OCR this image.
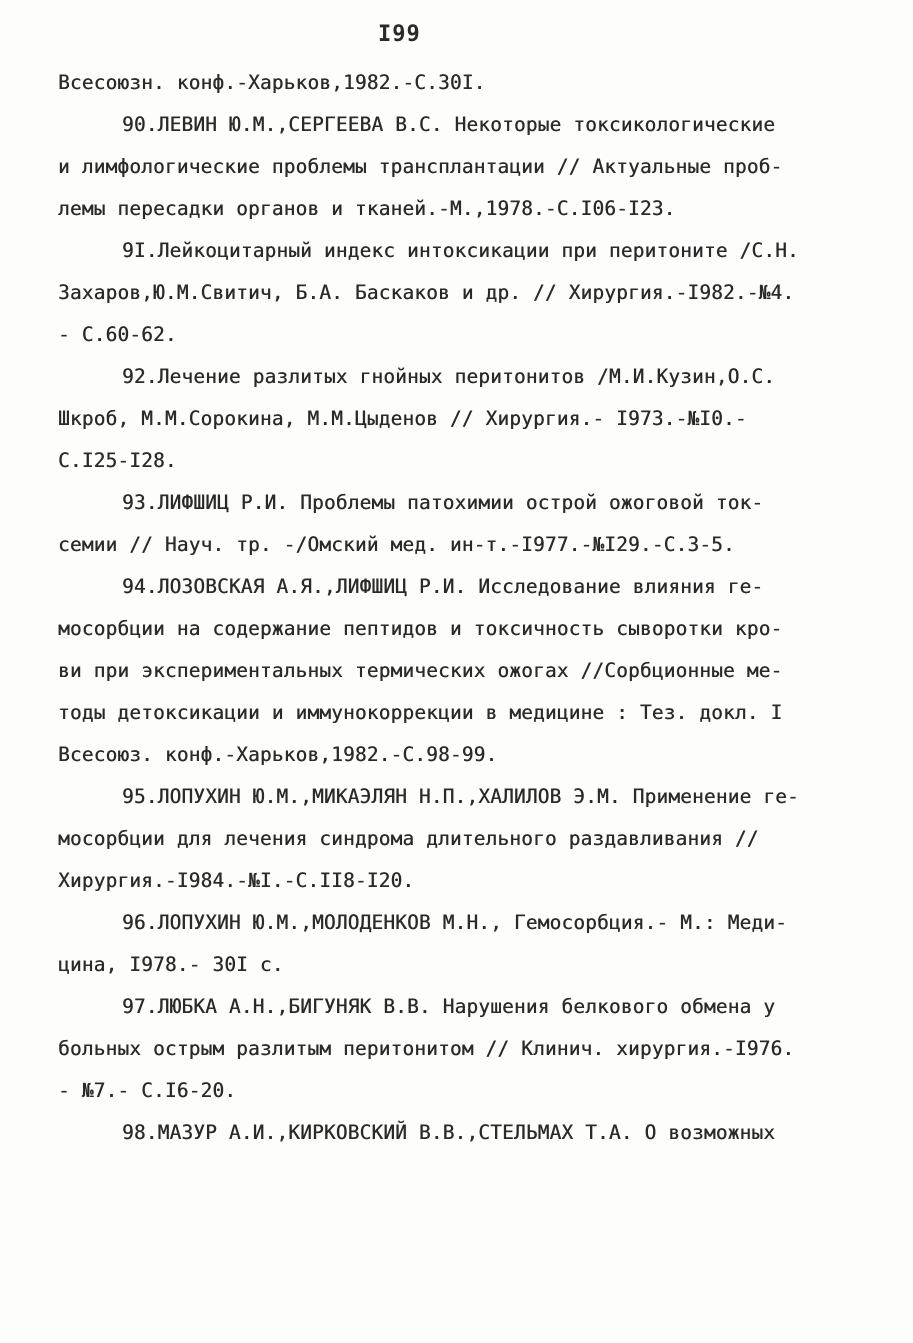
I99
Всесоюзн. конф.-Харьков,1982.-С.30I.
90.ЛЕВИН Ю.М.,СЕРГЕЕВА В.С. Некоторые токсикологические
и лимфологические проблемы трансплантации // Актуальные проб-
лемы пересадки органов и тканей.-М.,1978.-С.I06-I23.
9I.Лейкоцитарный индекс интоксикации при перитоните /С.Н.
Захаров,Ю.М.Свитич, Б.А. Баскаков и др. // Хирургия.-I982.-№4.
- С.60-62.
92.Лечение разлитых гнойных перитонитов /М.И.Кузин,О.С.
Шкроб, М.М.Сорокина, М.М.Цыденов // Хирургия.- I973.-№I0.-
С.I25-I28.
93.ЛИФШИЦ Р.И. Проблемы патохимии острой ожоговой ток-
семии // Науч. тр. -/Омский мед. ин-т.-I977.-№I29.-С.3-5.
94.ЛОЗОВСКАЯ А.Я.,ЛИФШИЦ Р.И. Исследование влияния ге-
мосорбции на содержание пептидов и токсичность сыворотки кро-
ви при экспериментальных термических ожогах //Сорбционные ме-
тоды детоксикации и иммунокоррекции в медицине : Тез. докл. I
Всесоюз. конф.-Харьков,1982.-С.98-99.
95.ЛОПУХИН Ю.М.,МИКАЭЛЯН Н.П.,ХАЛИЛОВ Э.М. Применение ге-
мосорбции для лечения синдрома длительного раздавливания //
Хирургия.-I984.-№I.-С.II8-I20.
96.ЛОПУХИН Ю.М.,МОЛОДЕНКОВ М.Н., Гемосорбция.- М.: Меди-
цина, I978.- 30I с.
97.ЛЮБКА А.Н.,БИГУНЯК В.В. Нарушения белкового обмена у
больных острым разлитым перитонитом // Клинич. хирургия.-I976.
- №7.- С.I6-20.
98.МАЗУР А.И.,КИРКОВСКИЙ В.В.,СТЕЛЬМАХ Т.А. О возможных
